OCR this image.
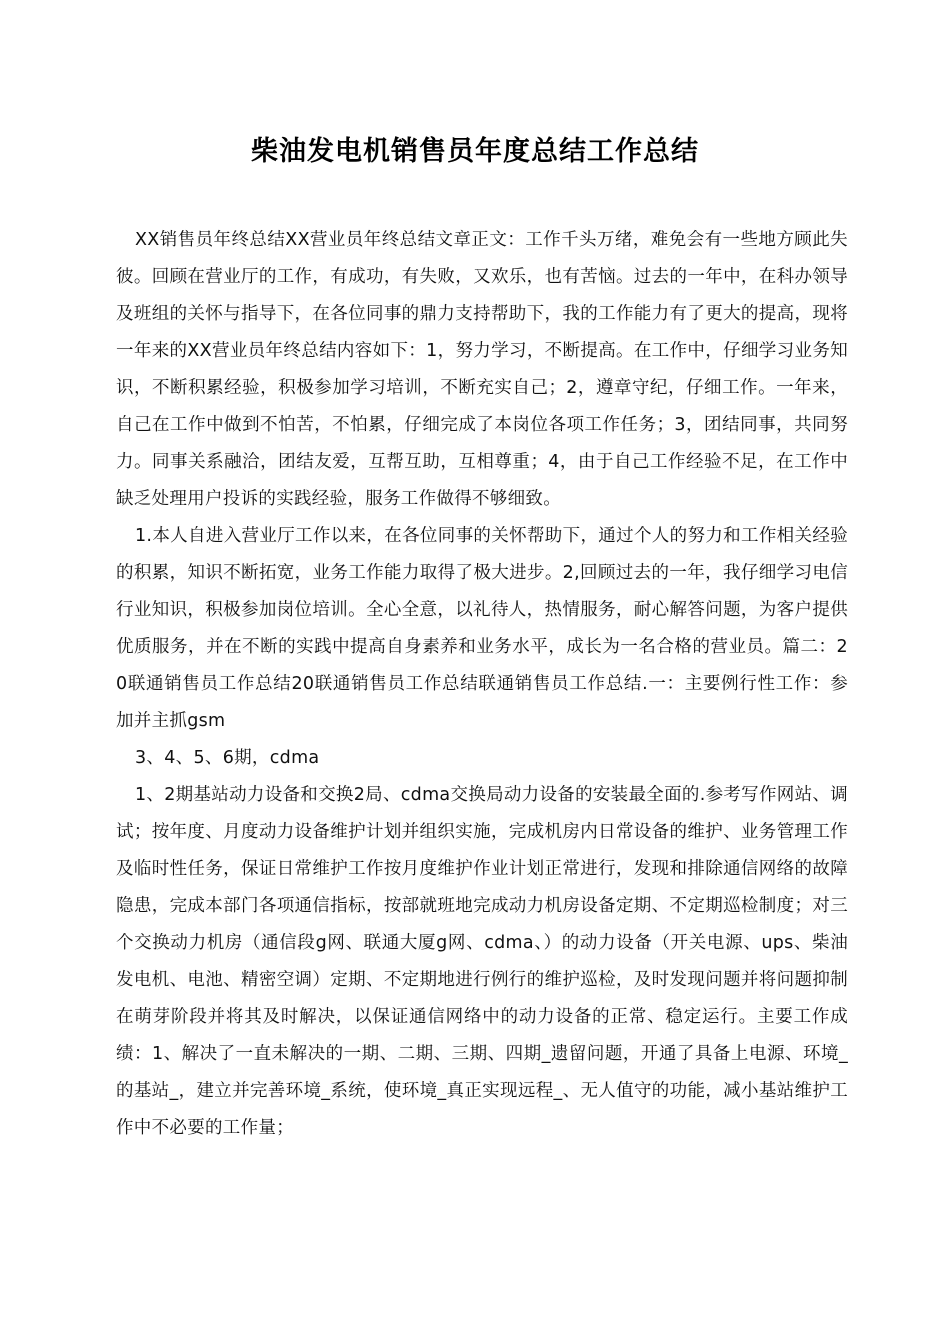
柴油发电机销售员年度总结工作总结

XX销售员年终总结XX营业员年终总结文章正文：工作千头万绪，难免会有一些地方顾此失彼。回顾在营业厅的工作，有成功，有失败，又欢乐，也有苦恼。过去的一年中，在科办领导及班组的关怀与指导下，在各位同事的鼎力支持帮助下，我的工作能力有了更大的提高，现将一年来的XX营业员年终总结内容如下：1，努力学习，不断提高。在工作中，仔细学习业务知识，不断积累经验，积极参加学习培训，不断充实自己；2，遵章守纪，仔细工作。一年来，自己在工作中做到不怕苦，不怕累，仔细完成了本岗位各项工作任务；3，团结同事，共同努力。同事关系融洽，团结友爱，互帮互助，互相尊重；4，由于自己工作经验不足，在工作中缺乏处理用户投诉的实践经验，服务工作做得不够细致。

1.本人自进入营业厅工作以来，在各位同事的关怀帮助下，通过个人的努力和工作相关经验的积累，知识不断拓宽，业务工作能力取得了极大进步。2,回顾过去的一年，我仔细学习电信行业知识，积极参加岗位培训。全心全意，以礼待人，热情服务，耐心解答问题，为客户提供优质服务，并在不断的实践中提高自身素养和业务水平，成长为一名合格的营业员。篇二：20联通销售员工作总结20联通销售员工作总结联通销售员工作总结.一：主要例行性工作：参加并主抓gsm

3、4、5、6期，cdma

1、2期基站动力设备和交换2局、cdma交换局动力设备的安装最全面的.参考写作网站、调试；按年度、月度动力设备维护计划并组织实施，完成机房内日常设备的维护、业务管理工作及临时性任务，保证日常维护工作按月度维护作业计划正常进行，发现和排除通信网络的故障隐患，完成本部门各项通信指标，按部就班地完成动力机房设备定期、不定期巡检制度；对三个交换动力机房（通信段g网、联通大厦g网、cdma、）的动力设备（开关电源、ups、柴油发电机、电池、精密空调）定期、不定期地进行例行的维护巡检，及时发现问题并将问题抑制在萌芽阶段并将其及时解决，以保证通信网络中的动力设备的正常、稳定运行。主要工作成绩：1、解决了一直未解决的一期、二期、三期、四期_遗留问题，开通了具备上电源、环境_的基站_，建立并完善环境_系统，使环境_真正实现远程_、无人值守的功能，减小基站维护工作中不必要的工作量；
